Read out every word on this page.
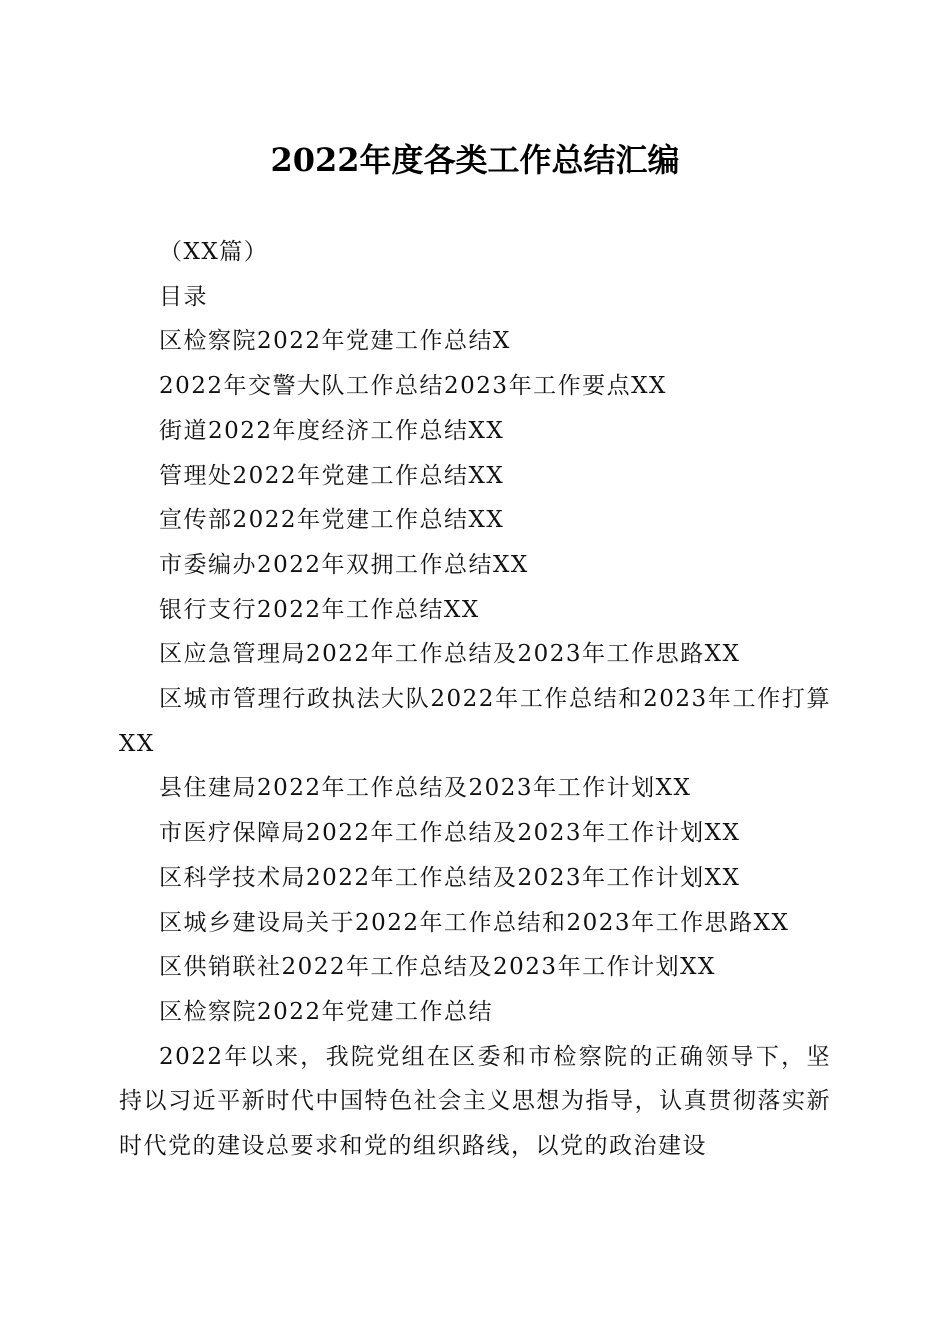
2022年度各类工作总结汇编
（XX篇）
目录
区检察院2022年党建工作总结X
2022年交警大队工作总结2023年工作要点XX
街道2022年度经济工作总结XX
管理处2022年党建工作总结XX
宣传部2022年党建工作总结XX
市委编办2022年双拥工作总结XX
银行支行2022年工作总结XX
区应急管理局2022年工作总结及2023年工作思路XX
区城市管理行政执法大队2022年工作总结和2023年工作打算XX
县住建局2022年工作总结及2023年工作计划XX
市医疗保障局2022年工作总结及2023年工作计划XX
区科学技术局2022年工作总结及2023年工作计划XX
区城乡建设局关于2022年工作总结和2023年工作思路XX
区供销联社2022年工作总结及2023年工作计划XX
区检察院2022年党建工作总结
2022年以来，我院党组在区委和市检察院的正确领导下，坚持以习近平新时代中国特色社会主义思想为指导，认真贯彻落实新时代党的建设总要求和党的组织路线，以党的政治建设
